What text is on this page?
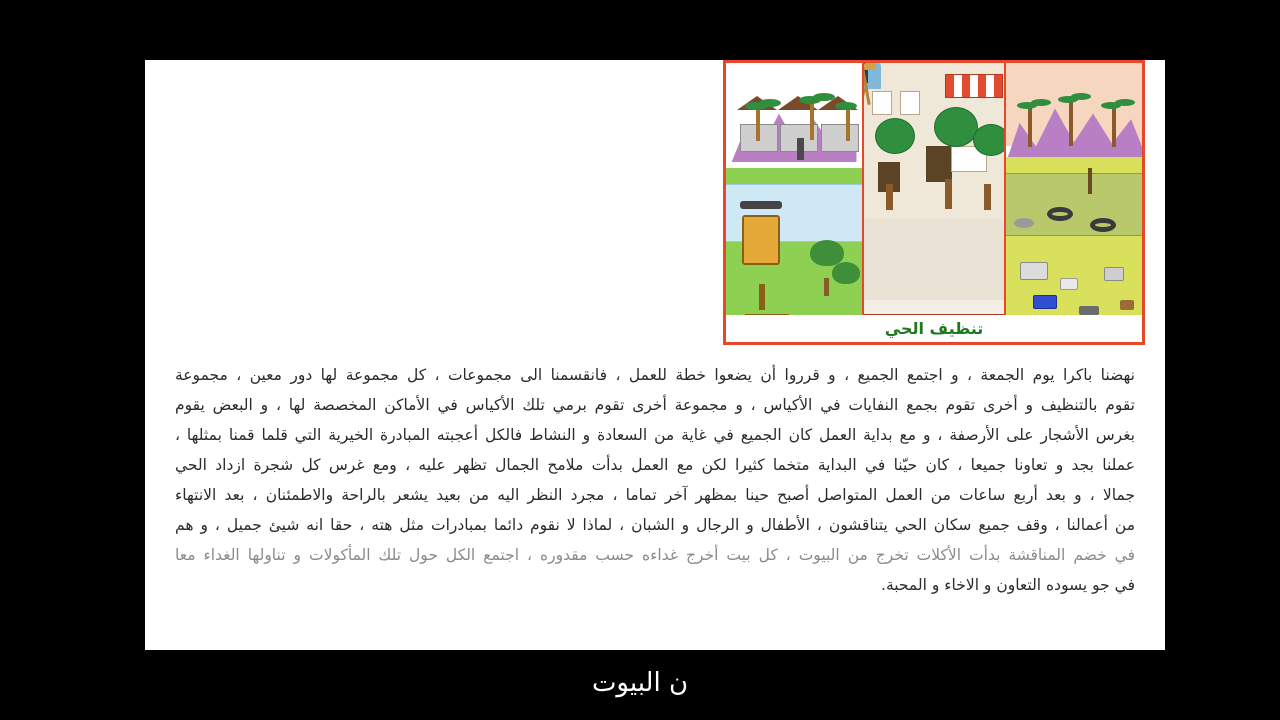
تنظيف الحي

نهضنا باكرا يوم الجمعة ، و اجتمع الجميع ، و قرروا أن يضعوا خطة للعمل ، فانقسمنا الى مجموعات ، كل مجموعة لها دور معين ، مجموعة

تقوم بالتنظيف و أخرى تقوم بجمع النفايات في الأكياس ، و مجموعة أخرى تقوم برمي تلك الأكياس في الأماكن المخصصة لها ، و البعض يقوم

بغرس الأشجار على الأرصفة ، و مع بداية العمل كان الجميع في غاية من السعادة و النشاط فالكل أعجبته المبادرة الخيرية التي قلما قمنا بمثلها ،

عملنا بجد و تعاونا جميعا ، كان حيّنا في البداية متخما كثيرا لكن مع العمل بدأت ملامح الجمال تظهر عليه ، ومع غرس كل شجرة ازداد الحي

جمالا ، و بعد أربع ساعات من العمل المتواصل أصبح حينا بمظهر آخر تماما ، مجرد النظر اليه من بعيد يشعر بالراحة والاطمئنان ، بعد الانتهاء

من أعمالنا ، وقف جميع سكان الحي يتناقشون ، الأطفال و الرجال و الشبان ، لماذا لا نقوم دائما بمبادرات مثل هته ، حقا انه شيئ جميل ، و هم

في خضم المناقشة بدأت الأكلات تخرج من البيوت ، كل بيت أخرج غداءه حسب مقدوره ، اجتمع الكل حول تلك المأكولات و تناولها الغداء معا

في جو يسوده التعاون و الاخاء و المحبة.

ن البيوت
